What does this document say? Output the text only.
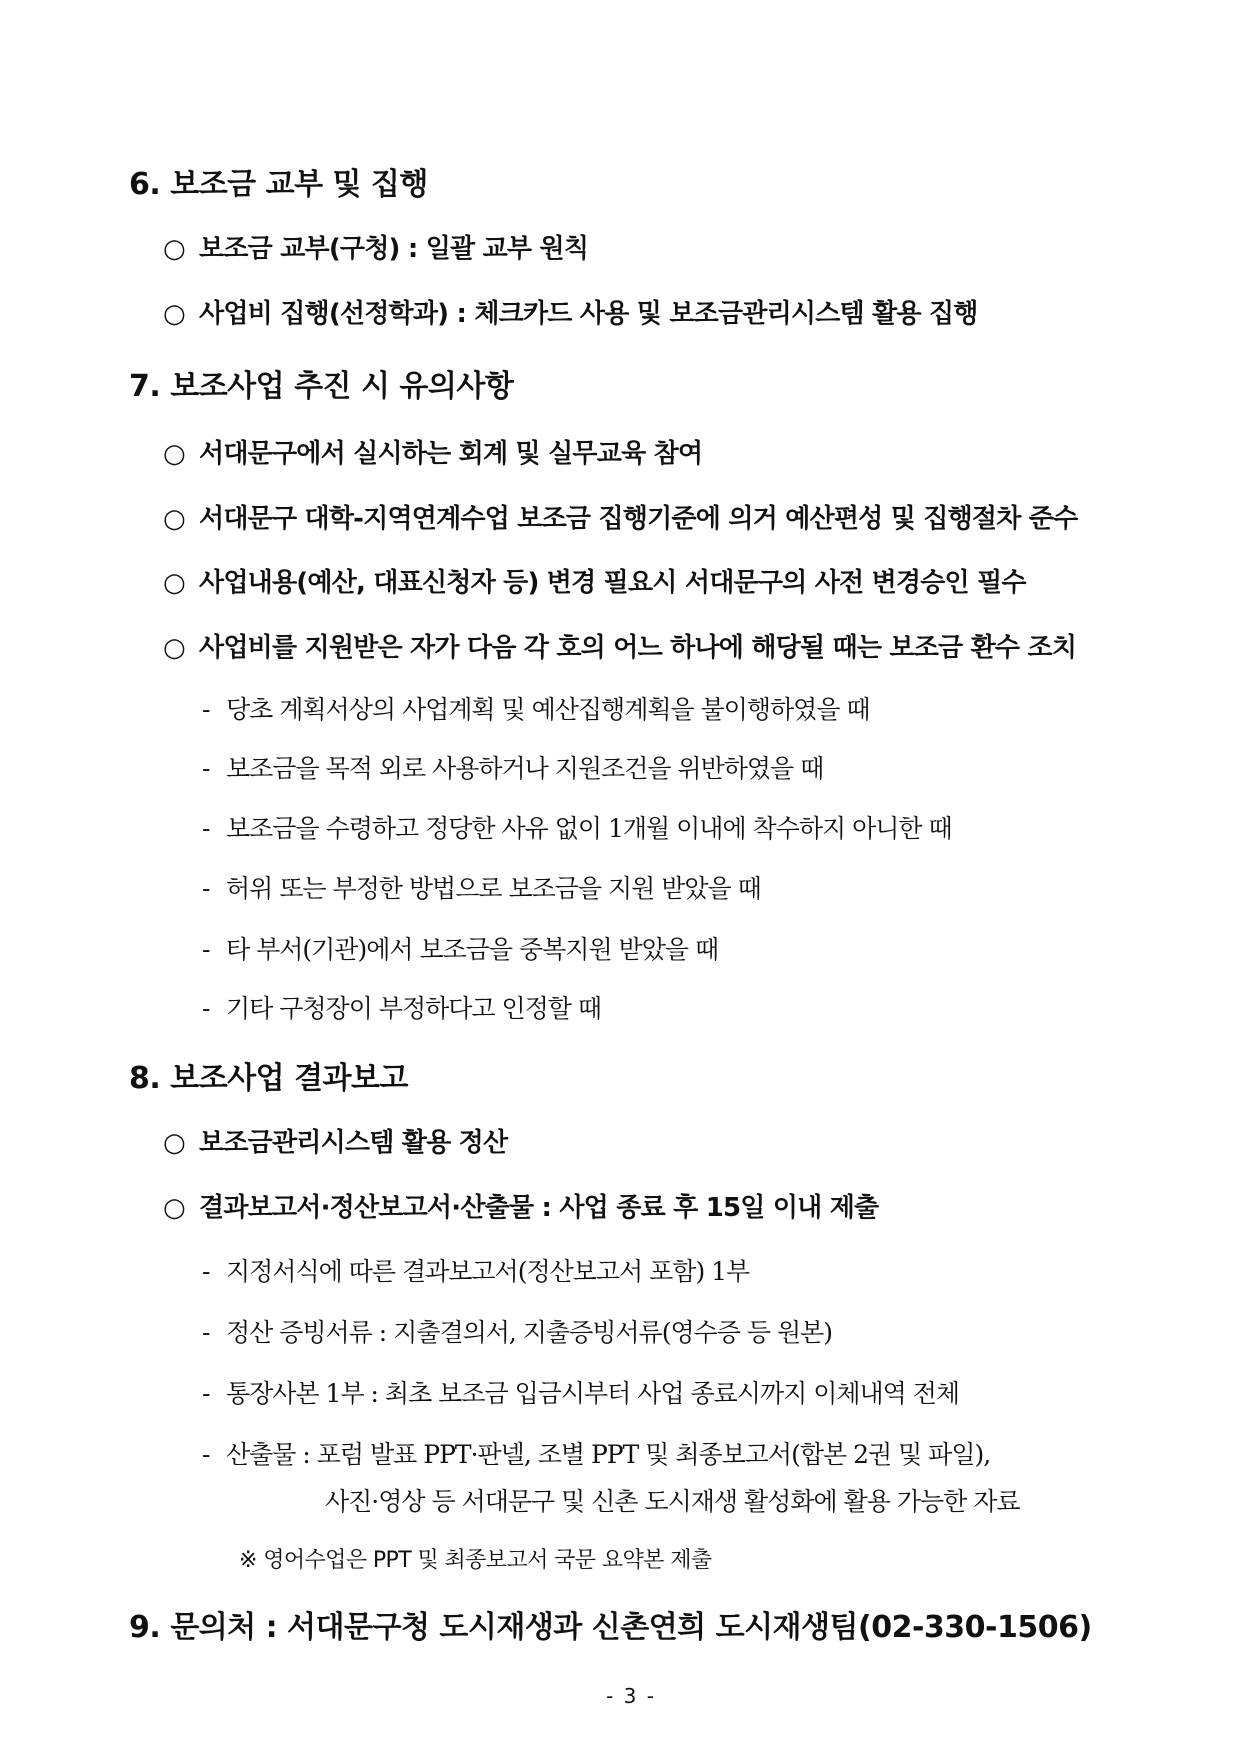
6. 보조금 교부 및 집행
○ 보조금 교부(구청) : 일괄 교부 원칙
○ 사업비 집행(선정학과) : 체크카드 사용 및 보조금관리시스템 활용 집행
7. 보조사업 추진 시 유의사항
○ 서대문구에서 실시하는 회계 및 실무교육 참여
○ 서대문구 대학-지역연계수업 보조금 집행기준에 의거 예산편성 및 집행절차 준수
○ 사업내용(예산, 대표신청자 등) 변경 필요시 서대문구의 사전 변경승인 필수
○ 사업비를 지원받은 자가 다음 각 호의 어느 하나에 해당될 때는 보조금 환수 조치
- 당초 계획서상의 사업계획 및 예산집행계획을 불이행하였을 때
- 보조금을 목적 외로 사용하거나 지원조건을 위반하였을 때
- 보조금을 수령하고 정당한 사유 없이 1개월 이내에 착수하지 아니한 때
- 허위 또는 부정한 방법으로 보조금을 지원 받았을 때
- 타 부서(기관)에서 보조금을 중복지원 받았을 때
- 기타 구청장이 부정하다고 인정할 때
8. 보조사업 결과보고
○ 보조금관리시스템 활용 정산
○ 결과보고서·정산보고서·산출물 : 사업 종료 후 15일 이내 제출
- 지정서식에 따른 결과보고서(정산보고서 포함) 1부
- 정산 증빙서류 : 지출결의서, 지출증빙서류(영수증 등 원본)
- 통장사본 1부 : 최초 보조금 입금시부터 사업 종료시까지 이체내역 전체
- 산출물 : 포럼 발표 PPT·판넬, 조별 PPT 및 최종보고서(합본 2권 및 파일),
사진·영상 등 서대문구 및 신촌 도시재생 활성화에 활용 가능한 자료
※ 영어수업은 PPT 및 최종보고서 국문 요약본 제출
9. 문의처 : 서대문구청 도시재생과 신촌연희 도시재생팀(02-330-1506)
- 3 -
